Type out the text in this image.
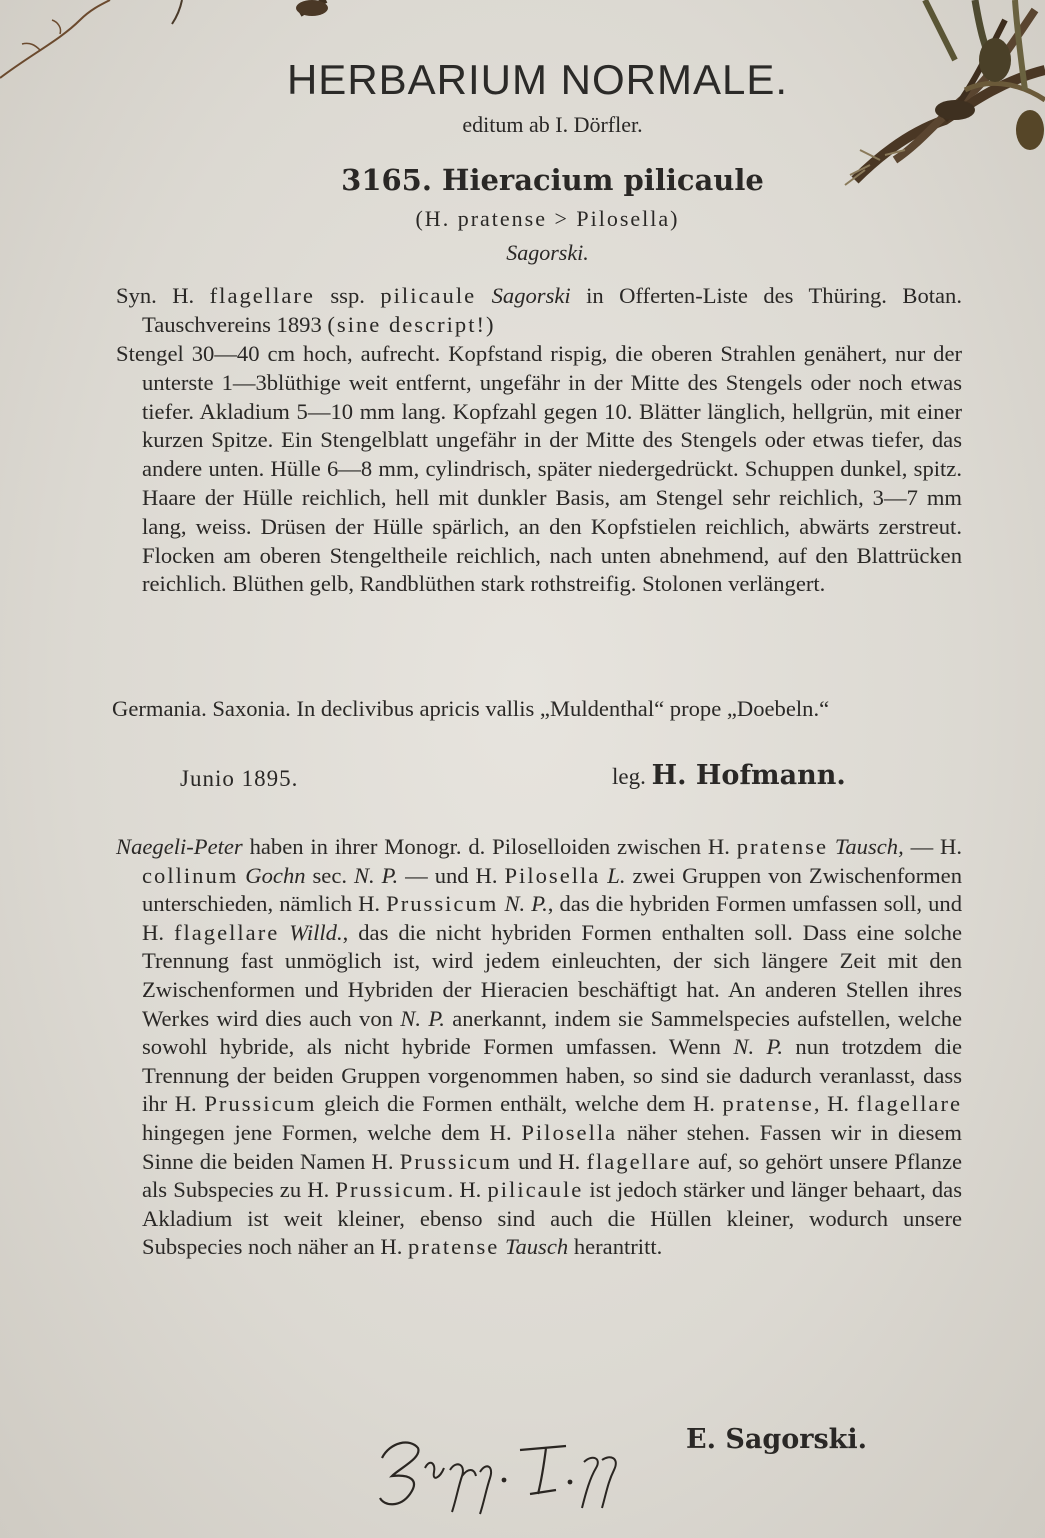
HERBARIUM NORMALE.
editum ab I. Dörfler.
3165. Hieracium pilicaule
(H. pratense > Pilosella)
Sagorski.

Syn. H. flagellare ssp. pilicaule Sagorski in Offerten-Liste des Thüring. Botan. Tauschvereins 1893 (sine descript!)

Stengel 30—40 cm hoch, aufrecht. Kopfstand rispig, die oberen Strahlen genähert, nur der unterste 1—3blüthige weit entfernt, ungefähr in der Mitte des Stengels oder noch etwas tiefer. Akladium 5—10 mm lang. Kopfzahl gegen 10. Blätter länglich, hellgrün, mit einer kurzen Spitze. Ein Stengelblatt ungefähr in der Mitte des Stengels oder etwas tiefer, das andere unten. Hülle 6—8 mm, cylindrisch, später niedergedrückt. Schuppen dunkel, spitz. Haare der Hülle reichlich, hell mit dunkler Basis, am Stengel sehr reichlich, 3—7 mm lang, weiss. Drüsen der Hülle spärlich, an den Kopfstielen reichlich, abwärts zerstreut. Flocken am oberen Stengeltheile reichlich, nach unten abnehmend, auf den Blattrücken reichlich. Blüthen gelb, Randblüthen stark rothstreifig. Stolonen verlängert.

Germania. Saxonia. In declivibus apricis vallis „Muldenthal“ prope „Doebeln.“

Junio 1895.	leg. H. Hofmann.

Naegeli-Peter haben in ihrer Monogr. d. Piloselloiden zwischen H. pratense Tausch, — H. collinum Gochn sec. N. P. — und H. Pilosella L. zwei Gruppen von Zwischenformen unterschieden, nämlich H. Prussicum N. P., das die hybriden Formen umfassen soll, und H. flagellare Willd., das die nicht hybriden Formen enthalten soll. Dass eine solche Trennung fast unmöglich ist, wird jedem einleuchten, der sich längere Zeit mit den Zwischenformen und Hybriden der Hieracien beschäftigt hat. An anderen Stellen ihres Werkes wird dies auch von N. P. anerkannt, indem sie Sammelspecies aufstellen, welche sowohl hybride, als nicht hybride Formen umfassen. Wenn N. P. nun trotzdem die Trennung der beiden Gruppen vorgenommen haben, so sind sie dadurch veranlasst, dass ihr H. Prussicum gleich die Formen enthält, welche dem H. pratense, H. flagellare hingegen jene Formen, welche dem H. Pilosella näher stehen. Fassen wir in diesem Sinne die beiden Namen H. Prussicum und H. flagellare auf, so gehört unsere Pflanze als Subspecies zu H. Prussicum. H. pilicaule ist jedoch stärker und länger behaart, das Akladium ist weit kleiner, ebenso sind auch die Hüllen kleiner, wodurch unsere Subspecies noch näher an H. pratense Tausch herantritt.

E. Sagorski.
